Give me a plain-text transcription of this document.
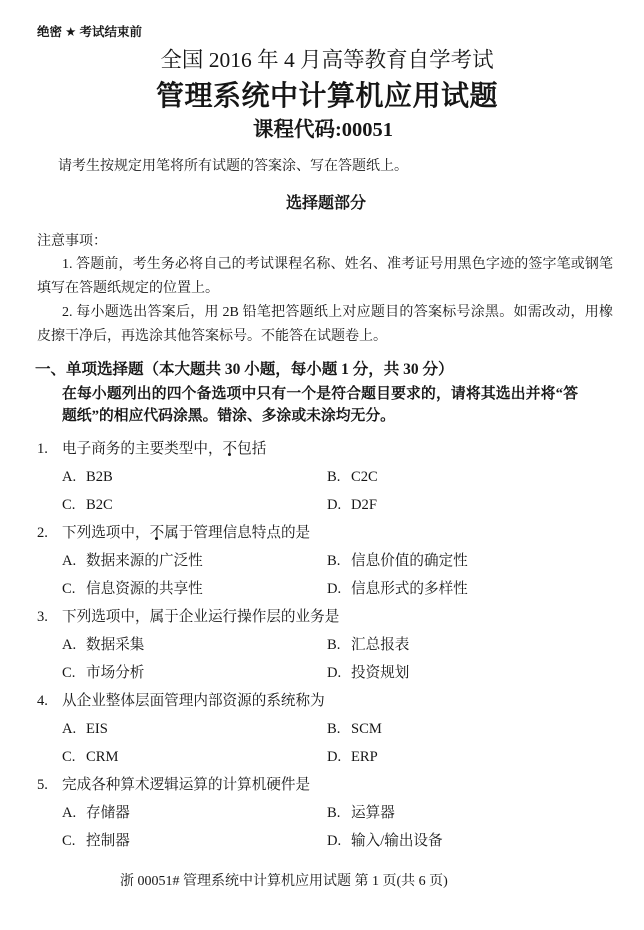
绝密 ★ 考试结束前
全国 2016 年 4 月高等教育自学考试
管理系统中计算机应用试题
课程代码:00051
请考生按规定用笔将所有试题的答案涂、写在答题纸上。
选择题部分
注意事项：

1. 答题前，考生务必将自己的考试课程名称、姓名、准考证号用黑色字迹的签字笔或钢笔填写在答题纸规定的位置上。

2. 每小题选出答案后，用 2B 铅笔把答题纸上对应题目的答案标号涂黑。如需改动，用橡皮擦干净后，再选涂其他答案标号。不能答在试题卷上。

一、单项选择题（本大题共 30 小题，每小题 1 分，共 30 分）
在每小题列出的四个备选项中只有一个是符合题目要求的，请将其选出并将“答题纸”的相应代码涂黑。错涂、多涂或未涂均无分。
1. 电子商务的主要类型中，不包括
A. B2B	B. C2C
C. B2C	D. D2F
2. 下列选项中，不属于管理信息特点的是
A. 数据来源的广泛性	B. 信息价值的确定性
C. 信息资源的共享性	D. 信息形式的多样性
3. 下列选项中，属于企业运行操作层的业务是
A. 数据采集	B. 汇总报表
C. 市场分析	D. 投资规划
4. 从企业整体层面管理内部资源的系统称为
A. EIS	B. SCM
C. CRM	D. ERP
5. 完成各种算术逻辑运算的计算机硬件是
A. 存储器	B. 运算器
C. 控制器	D. 输入/输出设备
浙 00051# 管理系统中计算机应用试题 第 1 页(共 6 页)
